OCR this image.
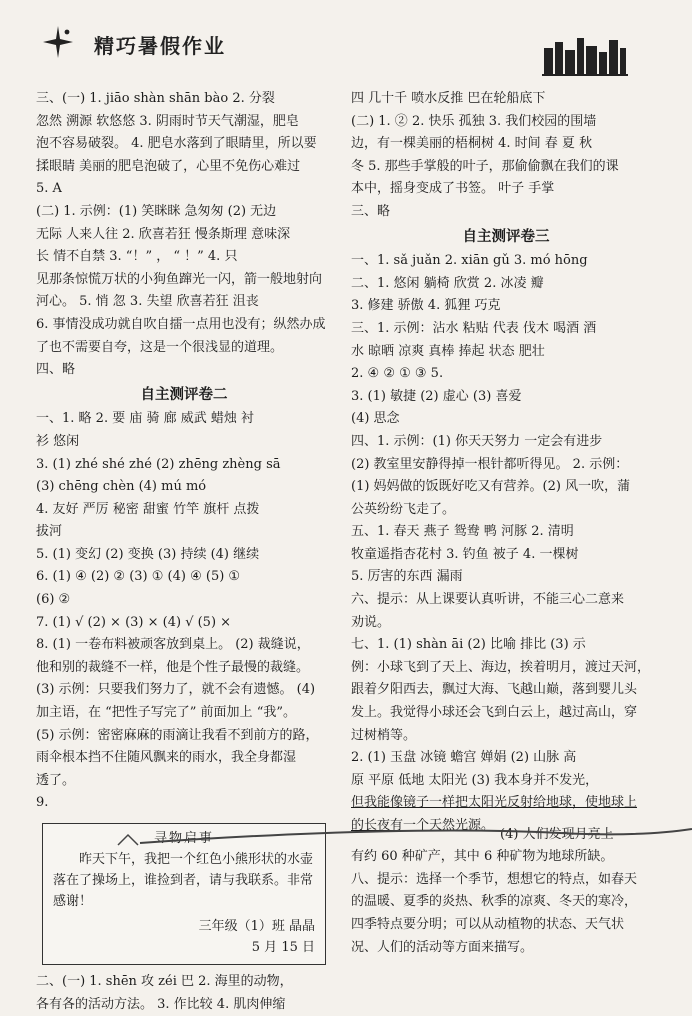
精巧暑假作业
三、(一) 1. jiāo shàn shān bào 2. 分裂
忽然 溯源 软悠悠 3. 阴雨时节天气潮湿，肥皂
泡不容易破裂。 4. 肥皂水落到了眼睛里，所以要
揉眼睛 美丽的肥皂泡破了，心里不免伤心难过
5. A
(二) 1. 示例：(1) 笑眯眯 急匆匆 (2) 无边
无际 人来人往 2. 欣喜若狂 慢条斯理 意味深
长 情不自禁 3. “！” ， “ ！” 4. 只
见那条惊慌万状的小狗鱼蹿光一闪，箭一般地射向
河心。 5. 悄 忽 3. 失望 欣喜若狂 沮丧
6. 事情没成功就自吹自擂一点用也没有；纵然办成
了也不需要自夸，这是一个很浅显的道理。
四、略
自主测评卷二
一、1. 略 2. 要 庙 骑 廊 威武 蜡烛 衬
衫 悠闲
3. (1) zhé shé zhé (2) zhēng zhèng sā
(3) chēng chèn (4) mú mó
4. 友好 严厉 秘密 甜蜜 竹竿 旗杆 点拨
拔河
5. (1) 变幻 (2) 变换 (3) 持续 (4) 继续
6. (1) ④ (2) ② (3) ① (4) ④ (5) ①
(6) ②
7. (1) √ (2) × (3) × (4) √ (5) ×
8. (1) 一卷布料被顽客放到桌上。 (2) 裁缝说，
他和别的裁缝不一样，他是个性子最慢的裁缝。
(3) 示例：只要我们努力了，就不会有遗憾。 (4)
加主语，在 “把性子写完了” 前面加上 “我”。
(5) 示例：密密麻麻的雨滴让我看不到前方的路，
雨伞根本挡不住随风飘来的雨水，我全身都湿
透了。
9.
寻物启事
昨天下午，我把一个红色小熊形状的水壶落在了操场上，谁捡到者，请与我联系。非常感谢！
三年级（1）班 晶晶
5 月 15 日
二、(一) 1. shēn 攻 zéi 巴 2. 海里的动物，
各有各的活动方法。 3. 作比较 4. 肌肉伸缩
四 几十千 喷水反推 巴在轮船底下
(二) 1. ② 2. 快乐 孤独 3. 我们校园的围墙
边，有一棵美丽的梧桐树 4. 时间 春 夏 秋
冬 5. 那些手掌般的叶子，那偷偷飘在我们的课
本中，摇身变成了书签。 叶子 手掌
三、略
自主测评卷三
一、1. sǎ juǎn 2. xiān gǔ 3. mó hōng
二、1. 悠闲 躺椅 欣赏 2. 冰凌 瓣
3. 修建 骄傲 4. 狐狸 巧克
三、1. 示例：沾水 粘贴 代表 伐木 喝酒 酒
水 晾晒 凉爽 真棒 捧起 状态 肥壮
2. ④ ② ① ③ 5.
3. (1) 敏捷 (2) 虚心 (3) 喜爱
(4) 思念
四、1. 示例：(1) 你天天努力 一定会有进步
(2) 教室里安静得掉一根针都听得见。 2. 示例：
(1) 妈妈做的饭既好吃又有营养。(2) 风一吹，蒲
公英纷纷飞走了。
五、1. 春天 燕子 鸳鸯 鸭 河豚 2. 清明
牧童遥指杏花村 3. 钓鱼 被子 4. 一棵树
5. 厉害的东西 漏雨
六、提示：从上课要认真听讲，不能三心二意来
劝说。
七、1. (1) shàn āi (2) 比喻 排比 (3) 示
例：小球飞到了天上、海边，挨着明月，渡过天河，
跟着夕阳西去，飘过大海、飞越山巅，落到婴儿头
发上。我觉得小球还会飞到白云上，越过高山，穿
过树梢等。
2. (1) 玉盘 冰镜 蟾宫 婵娟 (2) 山脉 高
原 平原 低地 太阳光 (3) 我本身并不发光，
但我能像镜子一样把太阳光反射给地球，使地球上
的长夜有一个天然光源。(4) 人们发现月亮上
有约 60 种矿产，其中 6 种矿物为地球所缺。
八、提示：选择一个季节，想想它的特点，如春天
的温暖、夏季的炎热、秋季的凉爽、冬天的寒冷，
四季特点要分明；可以从动植物的状态、天气状
况、人们的活动等方面来描写。
